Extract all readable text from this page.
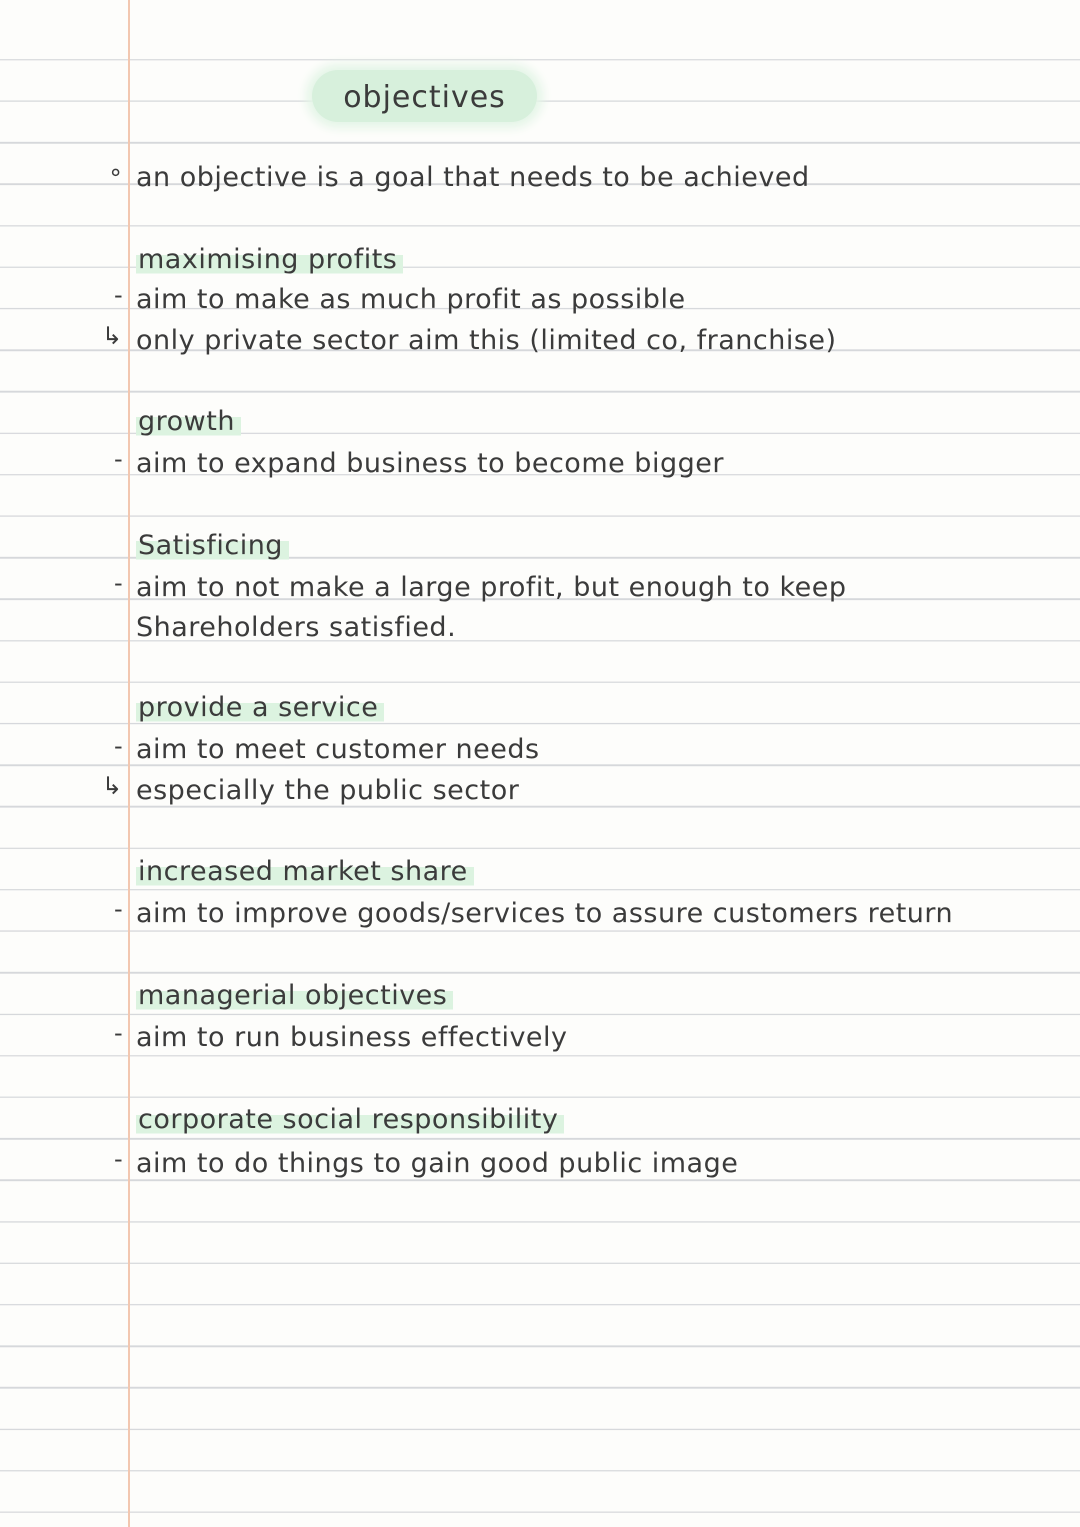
objectives
∘ an objective is a goal that needs to be achieved
maximising profits
- aim to make as much profit as possible
↳ only private sector aim this (limited co, franchise)
growth
- aim to expand business to become bigger
Satisficing
- aim to not make a large profit, but enough to keep
Shareholders satisfied.
provide a service
- aim to meet customer needs
↳ especially the public sector
increased market share
- aim to improve goods/services to assure customers return
managerial objectives
- aim to run business effectively
corporate social responsibility
- aim to do things to gain good public image
